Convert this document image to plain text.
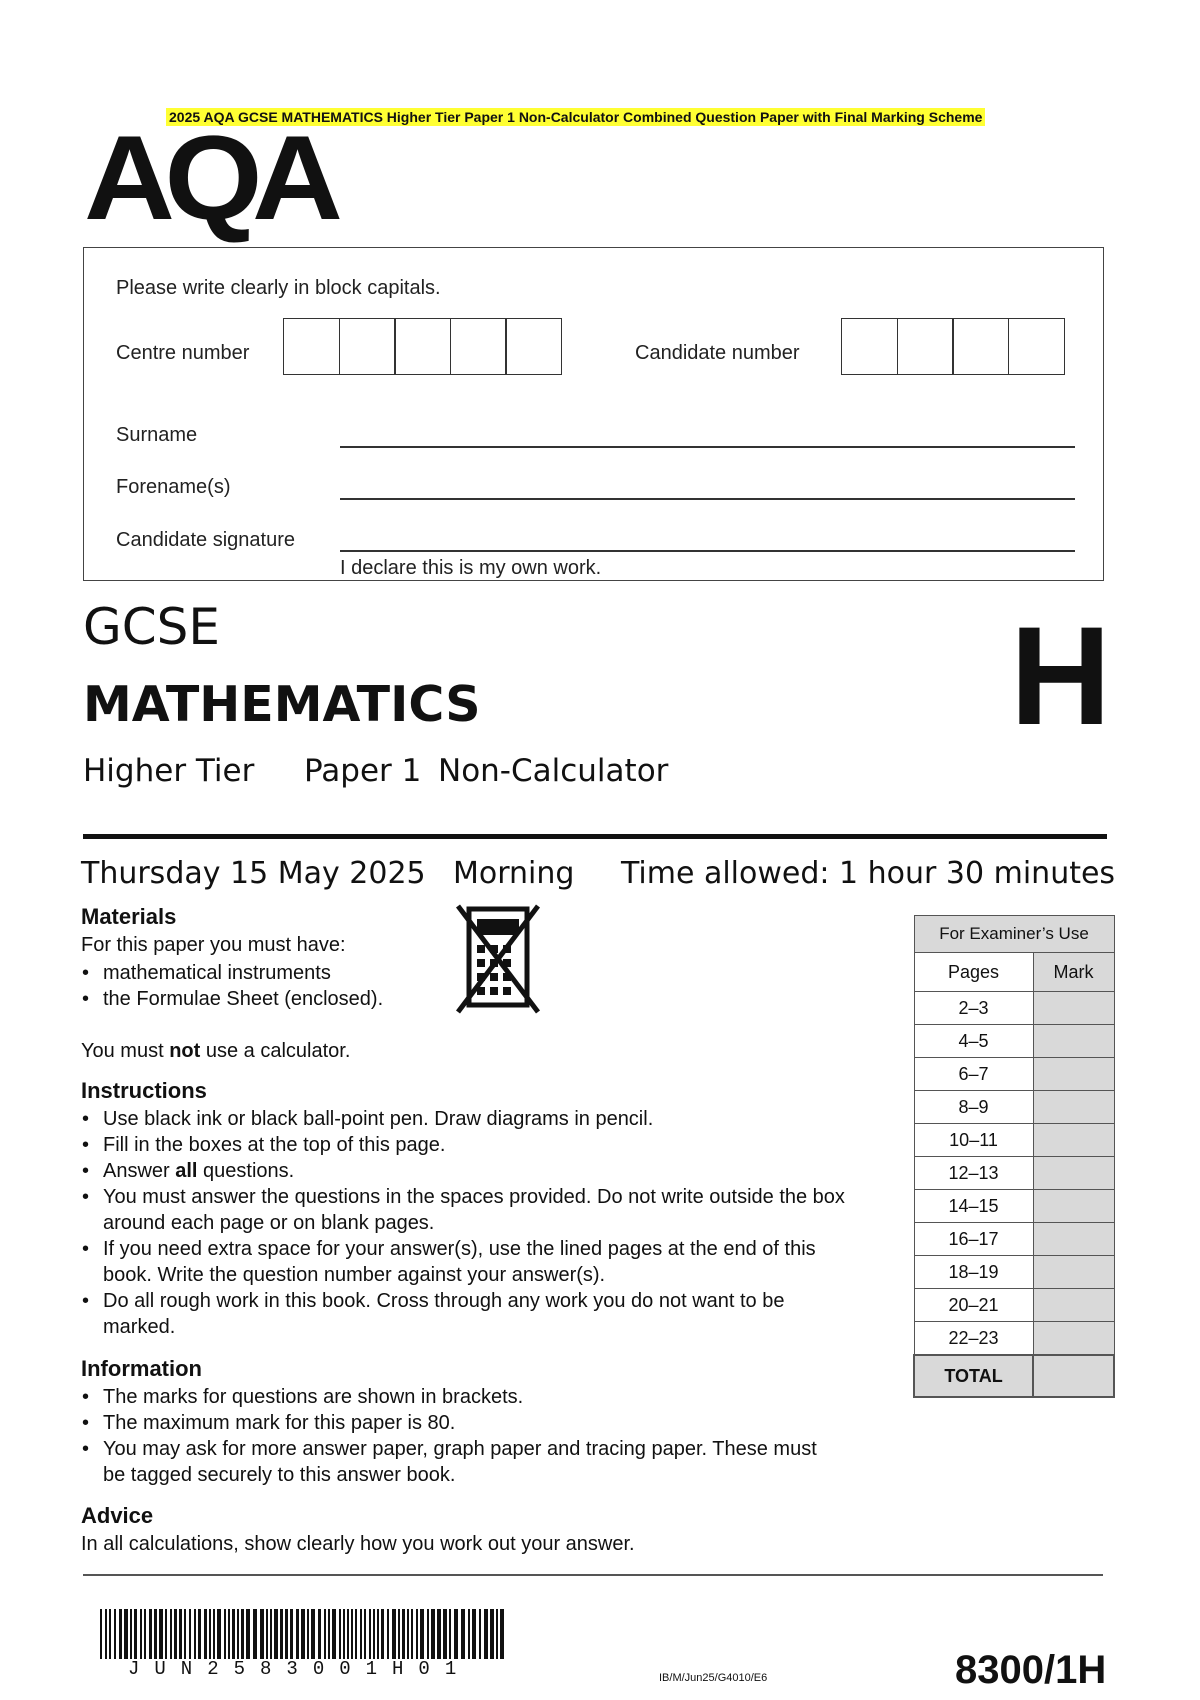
2025 AQA GCSE MATHEMATICS Higher Tier Paper 1 Non-Calculator Combined Question Paper with Final Marking Scheme
AQA
Please write clearly in block capitals.
Centre number	Candidate number
Surname
Forename(s)
Candidate signature
I declare this is my own work.
GCSE
MATHEMATICS	H
Higher Tier Paper 1 Non-Calculator
Thursday 15 May 2025 Morning Time allowed: 1 hour 30 minutes
Materials
For this paper you must have:
• mathematical instruments
• the Formulae Sheet (enclosed).
You must not use a calculator.
Instructions
• Use black ink or black ball-point pen. Draw diagrams in pencil.
• Fill in the boxes at the top of this page.
• Answer all questions.
• You must answer the questions in the spaces provided. Do not write outside the box around each page or on blank pages.
• If you need extra space for your answer(s), use the lined pages at the end of this book. Write the question number against your answer(s).
• Do all rough work in this book. Cross through any work you do not want to be marked.
Information
• The marks for questions are shown in brackets.
• The maximum mark for this paper is 80.
• You may ask for more answer paper, graph paper and tracing paper. These must be tagged securely to this answer book.
Advice
In all calculations, show clearly how you work out your answer.
For Examiner’s Use	
Pages	Mark
2–3	
4–5	
6–7	
8–9	
10–11	
12–13	
14–15	
16–17	
18–19	
20–21	
22–23	
TOTAL	
JUN2583001H01	IB/M/Jun25/G4010/E6	8300/1H
